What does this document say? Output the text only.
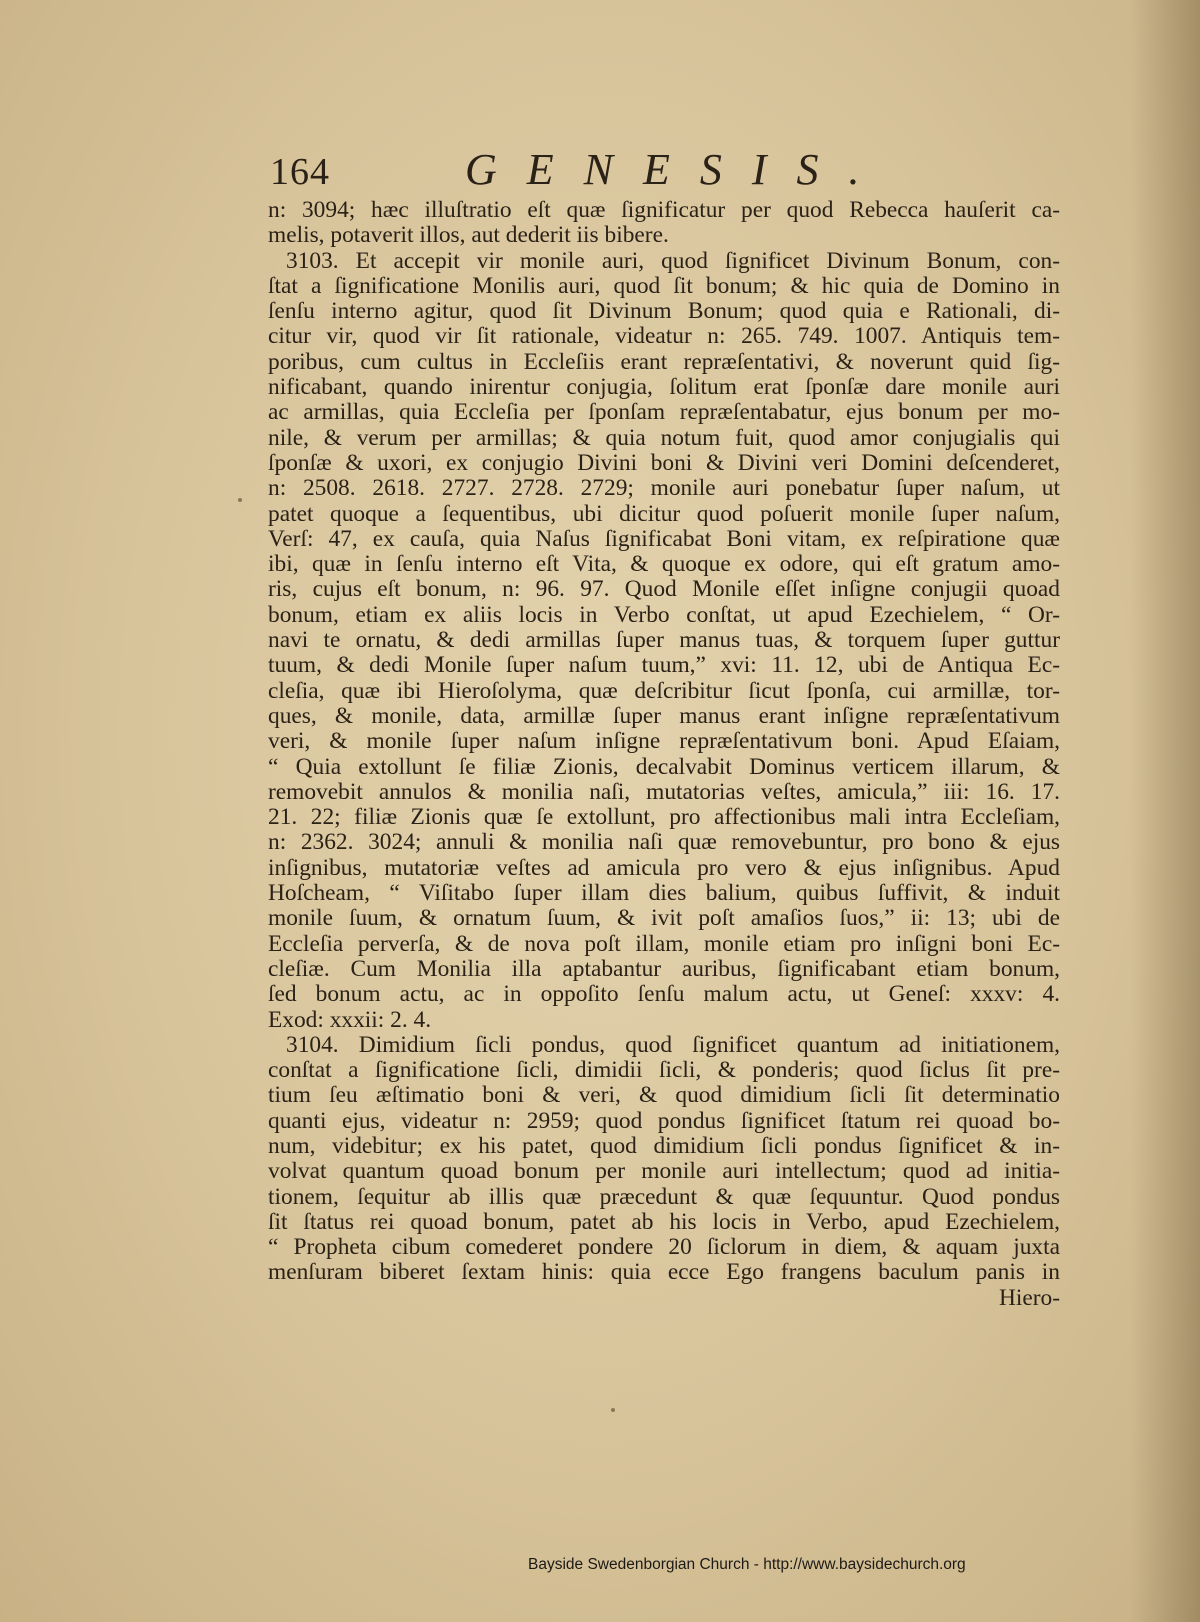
164	GENESIS.
n: 3094; hæc illuſtratio eſt quæ ſignificatur per quod Rebecca hauſerit ca-
melis, potaverit illos, aut dederit iis bibere.
3103. Et accepit vir monile auri, quod ſignificet Divinum Bonum, con-
ſtat a ſignificatione Monilis auri, quod ſit bonum; & hic quia de Domino in
ſenſu interno agitur, quod ſit Divinum Bonum; quod quia e Rationali, di-
citur vir, quod vir ſit rationale, videatur n: 265. 749. 1007. Antiquis tem-
poribus, cum cultus in Eccleſiis erant repræſentativi, & noverunt quid ſig-
nificabant, quando inirentur conjugia, ſolitum erat ſponſæ dare monile auri
ac armillas, quia Eccleſia per ſponſam repræſentabatur, ejus bonum per mo-
nile, & verum per armillas; & quia notum fuit, quod amor conjugialis qui
ſponſæ & uxori, ex conjugio Divini boni & Divini veri Domini deſcenderet,
n: 2508. 2618. 2727. 2728. 2729; monile auri ponebatur ſuper naſum, ut
patet quoque a ſequentibus, ubi dicitur quod poſuerit monile ſuper naſum,
Verſ: 47, ex cauſa, quia Naſus ſignificabat Boni vitam, ex reſpiratione quæ
ibi, quæ in ſenſu interno eſt Vita, & quoque ex odore, qui eſt gratum amo-
ris, cujus eſt bonum, n: 96. 97. Quod Monile eſſet inſigne conjugii quoad
bonum, etiam ex aliis locis in Verbo conſtat, ut apud Ezechielem, “ Or-
navi te ornatu, & dedi armillas ſuper manus tuas, & torquem ſuper guttur
tuum, & dedi Monile ſuper naſum tuum,” xvi: 11. 12, ubi de Antiqua Ec-
cleſia, quæ ibi Hieroſolyma, quæ deſcribitur ſicut ſponſa, cui armillæ, tor-
ques, & monile, data, armillæ ſuper manus erant inſigne repræſentativum
veri, & monile ſuper naſum inſigne repræſentativum boni. Apud Eſaiam,
“ Quia extollunt ſe filiæ Zionis, decalvabit Dominus verticem illarum, &
removebit annulos & monilia naſi, mutatorias veſtes, amicula,” iii: 16. 17.
21. 22; filiæ Zionis quæ ſe extollunt, pro affectionibus mali intra Eccleſiam,
n: 2362. 3024; annuli & monilia naſi quæ removebuntur, pro bono & ejus
inſignibus, mutatoriæ veſtes ad amicula pro vero & ejus inſignibus. Apud
Hoſcheam, “ Viſitabo ſuper illam dies balium, quibus ſuffivit, & induit
monile ſuum, & ornatum ſuum, & ivit poſt amaſios ſuos,” ii: 13; ubi de
Eccleſia perverſa, & de nova poſt illam, monile etiam pro inſigni boni Ec-
cleſiæ. Cum Monilia illa aptabantur auribus, ſignificabant etiam bonum,
ſed bonum actu, ac in oppoſito ſenſu malum actu, ut Geneſ: xxxv: 4.
Exod: xxxii: 2. 4.
3104. Dimidium ſicli pondus, quod ſignificet quantum ad initiationem,
conſtat a ſignificatione ſicli, dimidii ſicli, & ponderis; quod ſiclus ſit pre-
tium ſeu æſtimatio boni & veri, & quod dimidium ſicli ſit determinatio
quanti ejus, videatur n: 2959; quod pondus ſignificet ſtatum rei quoad bo-
num, videbitur; ex his patet, quod dimidium ſicli pondus ſignificet & in-
volvat quantum quoad bonum per monile auri intellectum; quod ad initia-
tionem, ſequitur ab illis quæ præcedunt & quæ ſequuntur. Quod pondus
ſit ſtatus rei quoad bonum, patet ab his locis in Verbo, apud Ezechielem,
“ Propheta cibum comederet pondere 20 ſiclorum in diem, & aquam juxta
menſuram biberet ſextam hinis: quia ecce Ego frangens baculum panis in
Hiero-
Bayside Swedenborgian Church - http://www.baysidechurch.org
